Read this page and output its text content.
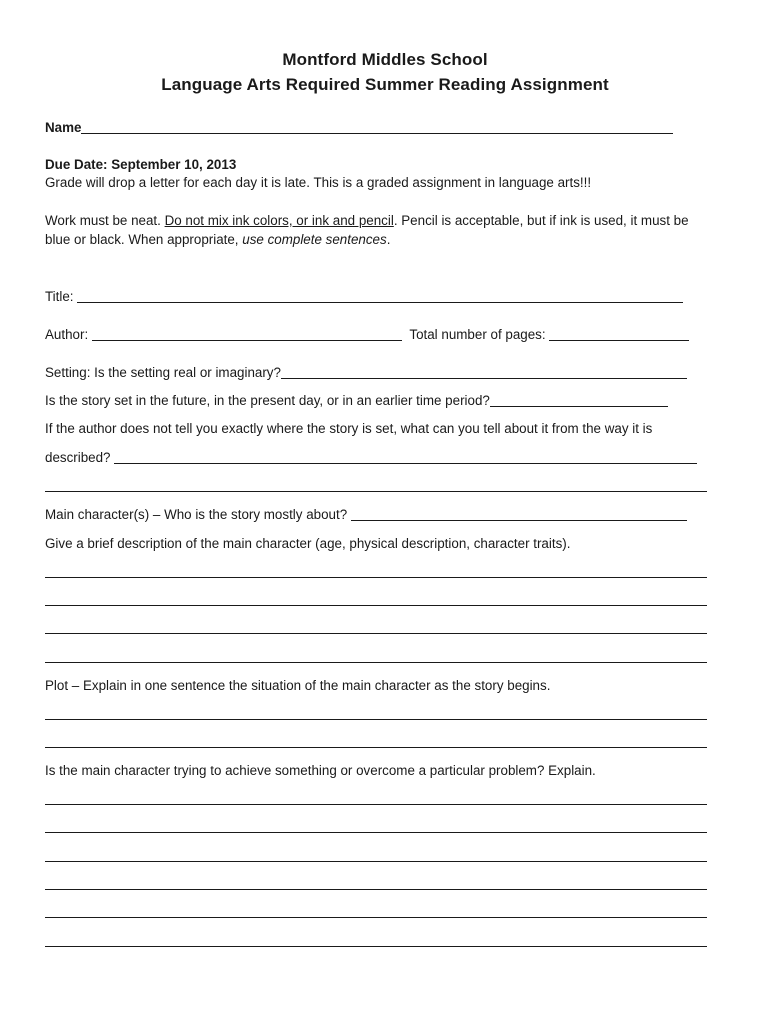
Montford Middles School
Language Arts Required Summer Reading Assignment
Name
Due Date: September 10, 2013
Grade will drop a letter for each day it is late. This is a graded assignment in language arts!!!
Work must be neat. Do not mix ink colors, or ink and pencil. Pencil is acceptable, but if ink is used, it must be
blue or black. When appropriate, use complete sentences.
Title:
Author:	Total number of pages:
Setting: Is the setting real or imaginary?
Is the story set in the future, in the present day, or in an earlier time period?
If the author does not tell you exactly where the story is set, what can you tell about it from the way it is
described?
Main character(s) – Who is the story mostly about?
Give a brief description of the main character (age, physical description, character traits).
Plot – Explain in one sentence the situation of the main character as the story begins.
Is the main character trying to achieve something or overcome a particular problem? Explain.
